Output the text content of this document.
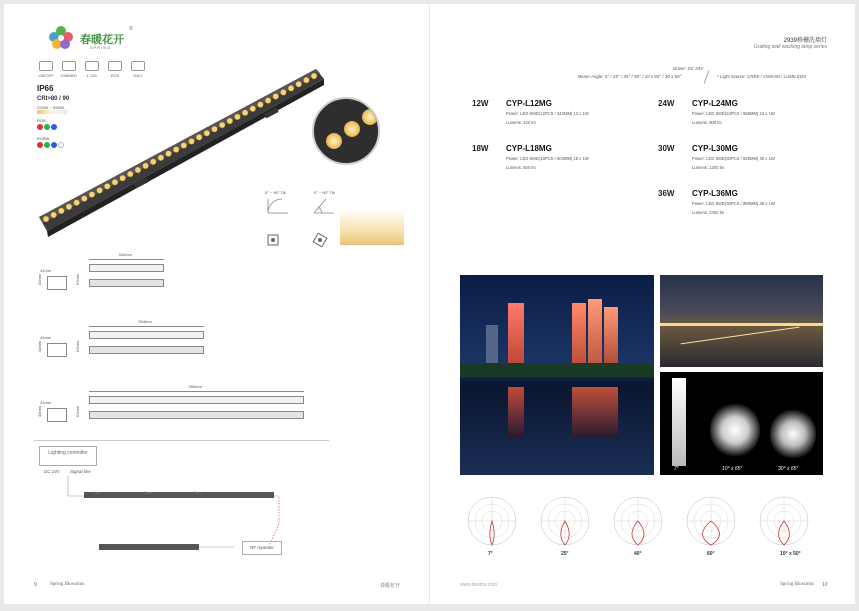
春暖花开
®
SPRING
ON/OFF	DIMMED	1-10V	DCR	DALI
IP66
CRI>80 / 90
2200K ~ 6500K
RGB
RGBW
0° ~ 90° Tilt	0° ~ 60° Tilt
342mm
41mm
42mm	67mm
504mm
41mm
42mm	67mm
990mm
41mm
42mm	67mm
Lighting controller
DC 24V Signal line
2pcs	2pcs	2pcs
RF repeater
9	Spring Blossoms	春暖花开
2939格栅洗墙灯
Grating wall washing lamp series
Driver: DC 24V
Beam Angle: 5° / 25° / 45° / 90° / 10 x 65° / 30 x 65°	* Light source: CREE / OSRAM / LUMILEDS
12W CYP-L12MG
Power: LED SMD(12PCS / 342MM) 12 x 1W
Lumens: 420 lm
18W CYP-L18MG
Power: LED SMD(18PCS / 504MM) 18 x 1W
Lumens: 600 lm
24W CYP-L24MG
Power: LED SMD(24PCS / 666MM) 24 x 1W
Lumens: 900 lm
30W CYP-L30MG
Power: LED SMD(30PCS / 828MM) 30 x 1W
Lumens: 1200 lm
36W CYP-L36MG
Power: LED SMD(36PCS / 990MM) 36 x 1W
Lumens: 2400 lm
7°	10° x 65°	30° x 65°
7°	25°	40°	60°	10° x 50°
www.itsoms.com	Spring Blossoms 10
